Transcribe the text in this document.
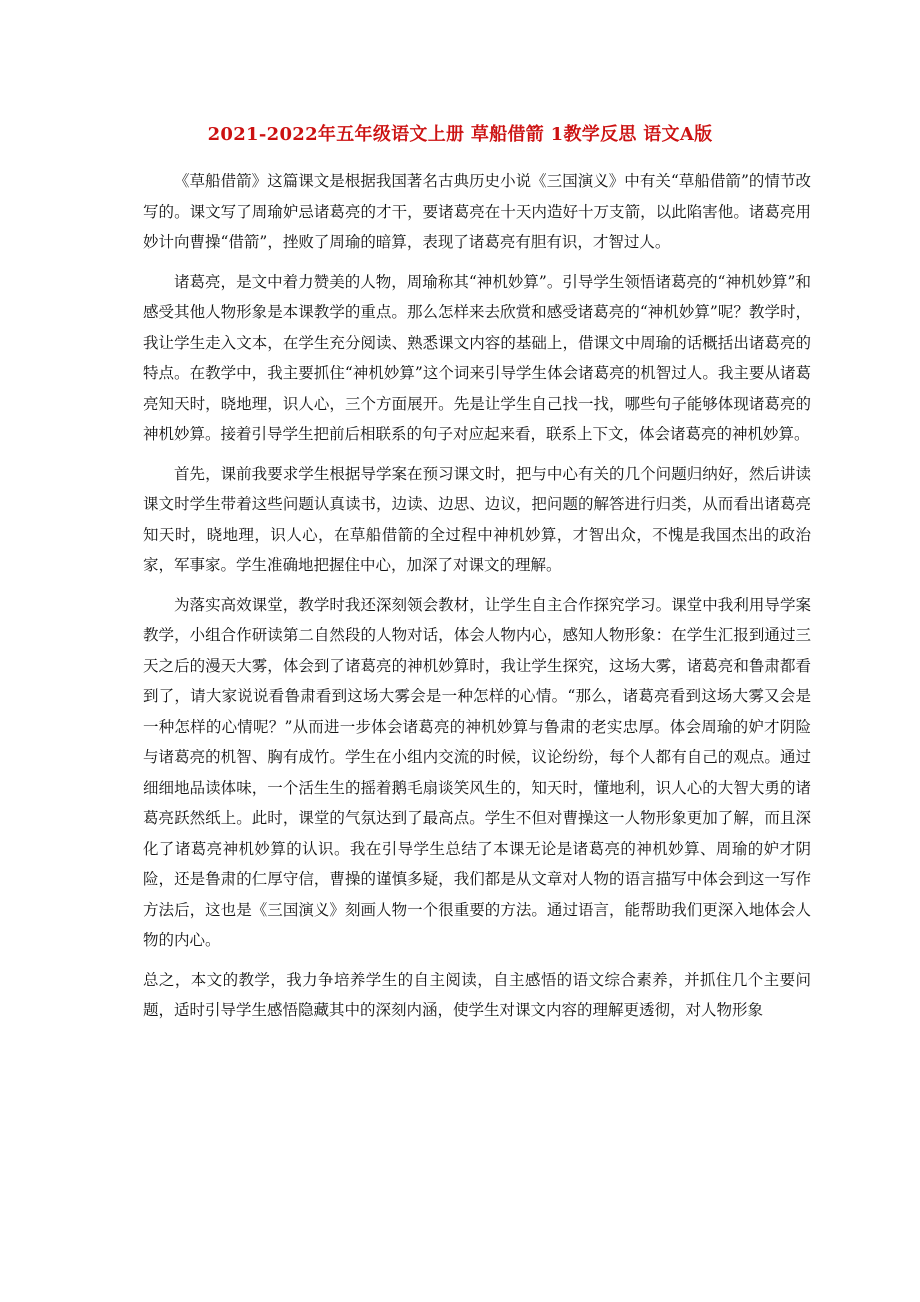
2021-2022年五年级语文上册 草船借箭 1教学反思 语文A版

《草船借箭》这篇课文是根据我国著名古典历史小说《三国演义》中有关“草船借箭”的情节改写的。课文写了周瑜妒忌诸葛亮的才干，要诸葛亮在十天内造好十万支箭，以此陷害他。诸葛亮用妙计向曹操“借箭”，挫败了周瑜的暗算，表现了诸葛亮有胆有识，才智过人。

诸葛亮，是文中着力赞美的人物，周瑜称其“神机妙算”。引导学生领悟诸葛亮的“神机妙算”和感受其他人物形象是本课教学的重点。那么怎样来去欣赏和感受诸葛亮的“神机妙算”呢？教学时，我让学生走入文本，在学生充分阅读、熟悉课文内容的基础上，借课文中周瑜的话概括出诸葛亮的特点。在教学中，我主要抓住“神机妙算”这个词来引导学生体会诸葛亮的机智过人。我主要从诸葛亮知天时，晓地理，识人心，三个方面展开。先是让学生自己找一找，哪些句子能够体现诸葛亮的神机妙算。接着引导学生把前后相联系的句子对应起来看，联系上下文，体会诸葛亮的神机妙算。

首先，课前我要求学生根据导学案在预习课文时，把与中心有关的几个问题归纳好，然后讲读课文时学生带着这些问题认真读书，边读、边思、边议，把问题的解答进行归类，从而看出诸葛亮知天时，晓地理，识人心，在草船借箭的全过程中神机妙算，才智出众，不愧是我国杰出的政治家，军事家。学生准确地把握住中心，加深了对课文的理解。

为落实高效课堂，教学时我还深刻领会教材，让学生自主合作探究学习。课堂中我利用导学案教学，小组合作研读第二自然段的人物对话，体会人物内心，感知人物形象：在学生汇报到通过三天之后的漫天大雾，体会到了诸葛亮的神机妙算时，我让学生探究，这场大雾，诸葛亮和鲁肃都看到了，请大家说说看鲁肃看到这场大雾会是一种怎样的心情。“那么，诸葛亮看到这场大雾又会是一种怎样的心情呢？”从而进一步体会诸葛亮的神机妙算与鲁肃的老实忠厚。体会周瑜的妒才阴险与诸葛亮的机智、胸有成竹。学生在小组内交流的时候，议论纷纷，每个人都有自己的观点。通过细细地品读体味，一个活生生的摇着鹅毛扇谈笑风生的，知天时，懂地利，识人心的大智大勇的诸葛亮跃然纸上。此时，课堂的气氛达到了最高点。学生不但对曹操这一人物形象更加了解，而且深化了诸葛亮神机妙算的认识。我在引导学生总结了本课无论是诸葛亮的神机妙算、周瑜的妒才阴险，还是鲁肃的仁厚守信，曹操的谨慎多疑，我们都是从文章对人物的语言描写中体会到这一写作方法后，这也是《三国演义》刻画人物一个很重要的方法。通过语言，能帮助我们更深入地体会人物的内心。

总之，本文的教学，我力争培养学生的自主阅读，自主感悟的语文综合素养，并抓住几个主要问题，适时引导学生感悟隐藏其中的深刻内涵，使学生对课文内容的理解更透彻，对人物形象
